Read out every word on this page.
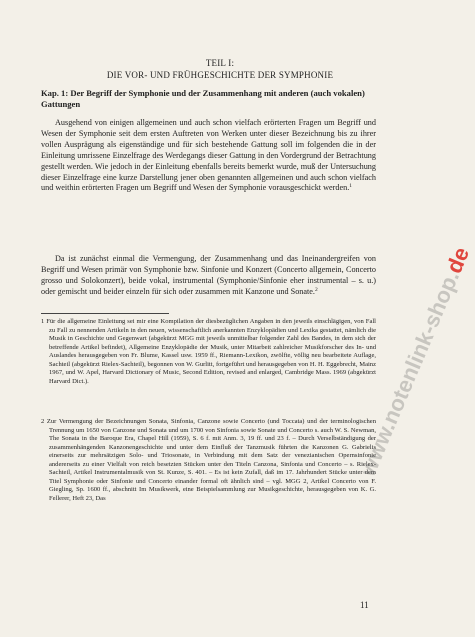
TEIL I:
DIE VOR- UND FRÜHGESCHICHTE DER SYMPHONIE
Kap. 1: Der Begriff der Symphonie und der Zusammenhang mit anderen (auch vokalen) Gattungen

Ausgehend von einigen allgemeinen und auch schon vielfach erörterten Fragen um Begriff und Wesen der Symphonie seit dem ersten Auftreten von Werken unter dieser Bezeichnung bis zu ihrer vollen Ausprägung als eigenständige und für sich bestehende Gattung soll im folgenden die in der Einleitung umrissene Einzelfrage des Werdegangs dieser Gattung in den Vordergrund der Betrachtung gestellt werden. Wie jedoch in der Einleitung ebenfalls bereits bemerkt wurde, muß der Untersuchung dieser Einzelfrage eine kurze Darstellung jener oben genannten allgemeinen und auch schon vielfach und weithin erörterten Fragen um Begriff und Wesen der Symphonie vorausgeschickt werden.$^1$

Da ist zunächst einmal die Vermengung, der Zusammenhang und das Ineinandergreifen von Begriff und Wesen primär von Symphonie bzw. Sinfonie und Konzert (Concerto allgemein, Concerto grosso und Solokonzert), beide vokal, instrumental (Symphonie/Sinfonie eher instrumental – s. u.) oder gemischt und beider einzeln für sich oder zusammen mit Kanzone und Sonate.$^2$

1 Für die allgemeine Einleitung sei mir eine Kompilation der diesbezüglichen Angaben in den jeweils einschlägigen, von Fall zu Fall zu nennenden Artikeln in den neuen, wissenschaftlich anerkannten Enzyklopädien und Lexika gestattet, nämlich die Musik in Geschichte und Gegenwart (abgekürzt MGG mit jeweils unmittelbar folgender Zahl des Bandes, in dem sich der betreffende Artikel befindet), Allgemeine Enzyklopädie der Musik, unter Mitarbeit zahlreicher Musikforscher des In- und Auslandes herausgegeben von Fr. Blume, Kassel usw. 1959 ff., Riemann-Lexikon, zwölfte, völlig neu bearbeitete Auflage, Sachteil (abgekürzt Rielex-Sachteil), begonnen von W. Gurlitt, fortgeführt und herausgegeben von H. H. Eggebrecht, Mainz 1967, und W. Apel, Harvard Dictionary of Music, Second Edition, revised and enlarged, Cambridge Mass. 1969 (abgekürzt Harvard Dict.).

2 Zur Vermengung der Bezeichnungen Sonata, Sinfonia, Canzone sowie Concerto (und Toccata) und der terminologischen Trennung um 1650 von Canzone und Sonata und um 1700 von Sinfonia sowie Sonate und Concerto s. auch W. S. Newman, The Sonata in the Baroque Era, Chapel Hill (1959), S. 6 f. mit Anm. 3, 19 ff. und 23 f. – Durch Verselbständigung der zusammenhängenden Kanzonengeschichte und unter dem Einfluß der Tanzmusik führten die Kanzonen G. Gabrielis einerseits zur mehrsätzigen Solo- und Triosonate, in Verbindung mit dem Satz der venezianischen Opernsinfonie andererseits zu einer Vielfalt von reich besetzten Stücken unter den Titeln Canzona, Sinfonia und Concerto – s. Rielex-Sachteil, Artikel Instrumentalmusik von St. Kunze, S. 401. – Es ist kein Zufall, daß im 17. Jahrhundert Stücke unter dem Titel Symphonie oder Sinfonie und Concerto einander formal oft ähnlich sind – vgl. MGG 2, Artikel Concerto von F. Giegling, Sp. 1600 ff., abschnitt Im Musikwerk, eine Beispielsammlung zur Musikgeschichte, herausgegeben von K. G. Fellerer, Heft 23, Das

11
www.notenlink-shop.de
